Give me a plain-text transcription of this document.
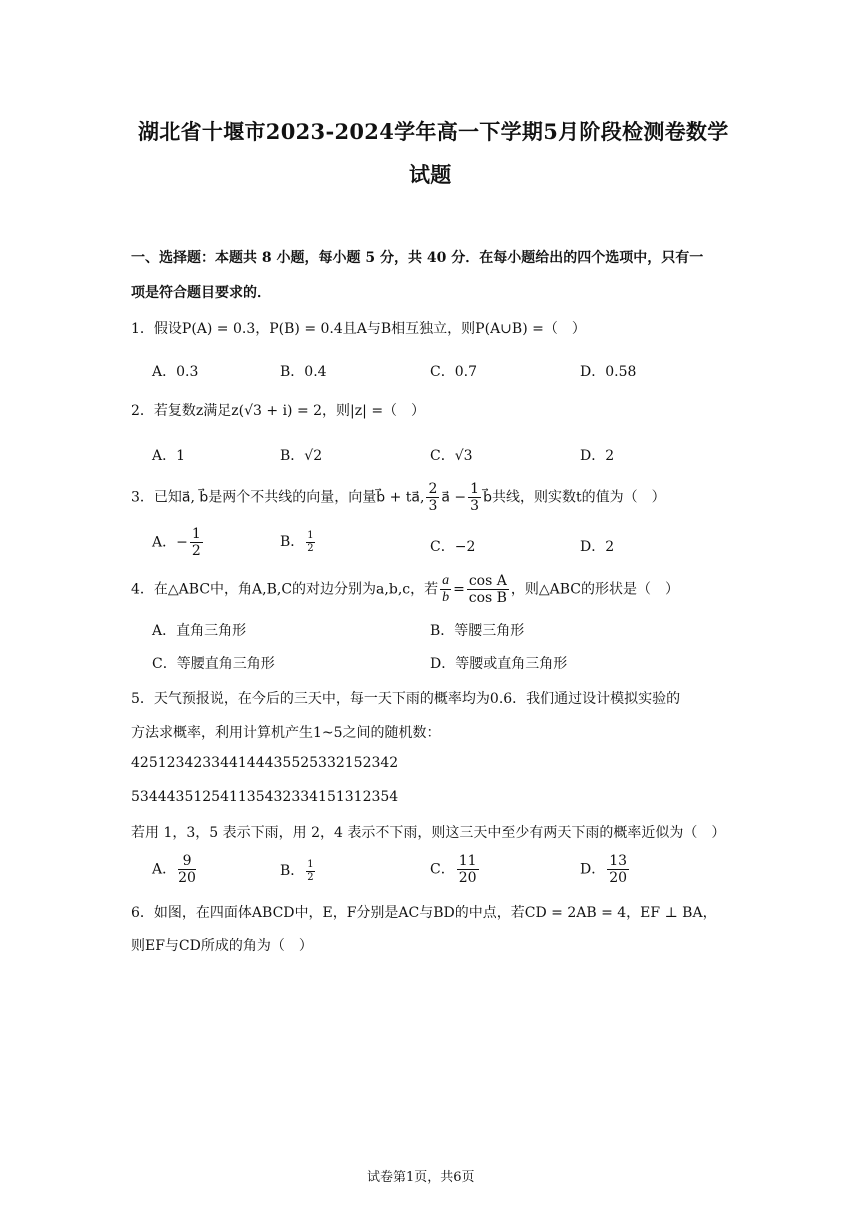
湖北省十堰市2023-2024学年高一下学期5月阶段检测卷数学
试题
一、选择题：本题共 8 小题，每小题 5 分，共 40 分．在每小题给出的四个选项中，只有一
项是符合题目要求的．
1．假设P(A) = 0.3，P(B) = 0.4且A与B相互独立，则P(A∪B) =（　）
A．0.3	B．0.4	C．0.7	D．0.58
2．若复数z满足z(√3 + i) = 2，则|z| =（　）
A．1	B．√2	C．√3	D．2
3．已知a⃗, b⃗是两个不共线的向量，向量b⃗ + ta⃗, $\frac{2}{3}$ a⃗ − $\frac{1}{3}$ b⃗共线，则实数t的值为（　）
A．− $\frac{1}{2}$	B． $\frac{1}{2}$	C．−2	D．2
4．在△ABC中，角A,B,C的对边分别为a,b,c，若 $\frac{a}{b} = \frac{\text{cos A}}{\text{cos B}}$ ，则△ABC的形状是（　）
A．直角三角形	B．等腰三角形
C．等腰直角三角形	D．等腰或直角三角形
5．天气预报说，在今后的三天中，每一天下雨的概率均为0.6．我们通过设计模拟实验的
方法求概率，利用计算机产生1~5之间的随机数：
425123423344144435525332152342
534443512541135432334151312354
若用 1，3，5 表示下雨，用 2，4 表示不下雨，则这三天中至少有两天下雨的概率近似为（　）
A． $\frac{9}{20}$	B． $\frac{1}{2}$	C． $\frac{11}{20}$	D． $\frac{13}{20}$
6．如图，在四面体ABCD中，E，F分别是AC与BD的中点，若CD = 2AB = 4，EF ⊥ BA，
则EF与CD所成的角为（　）
试卷第1页，共6页
